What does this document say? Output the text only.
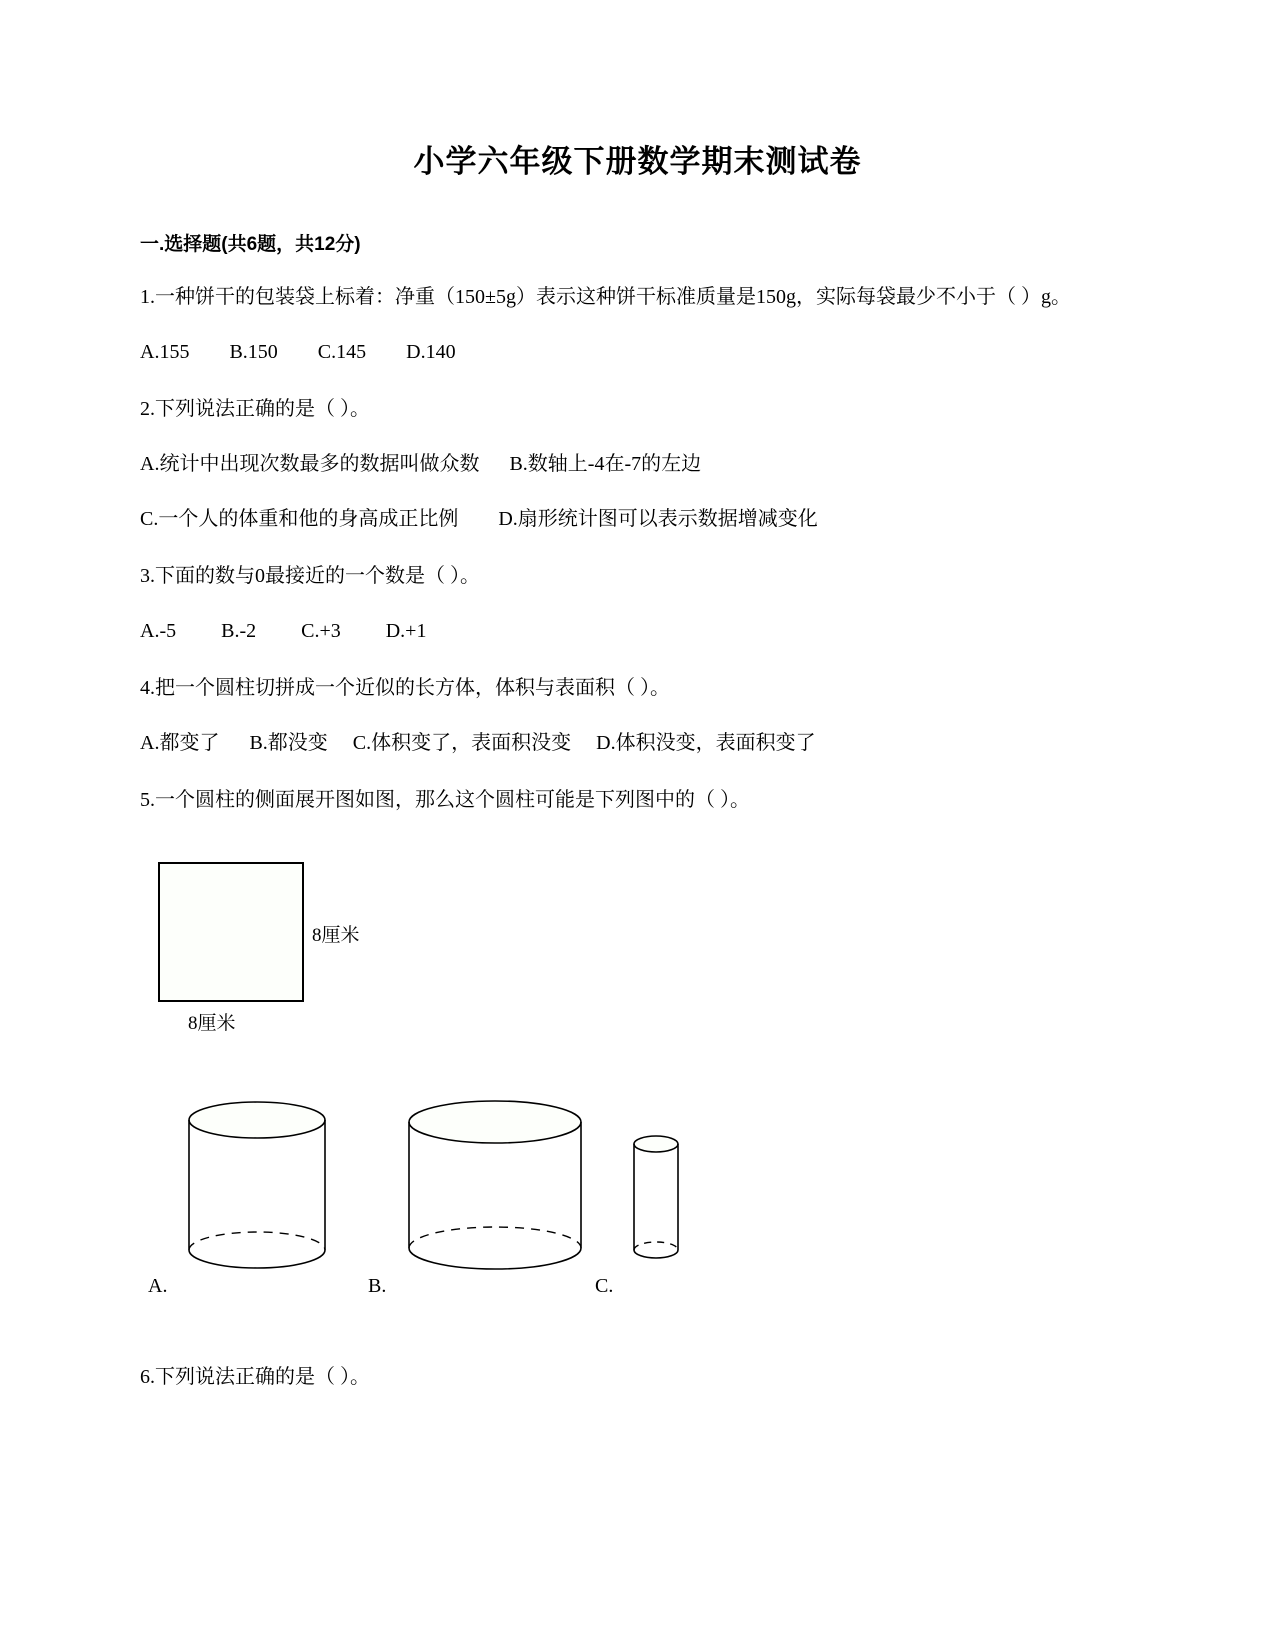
小学六年级下册数学期末测试卷
一.选择题(共6题，共12分)

1.一种饼干的包装袋上标着：净重（150±5g）表示这种饼干标准质量是150g，实际每袋最少不小于（ ）g。

A.155        B.150        C.145        D.140

2.下列说法正确的是（ ）。

A.统计中出现次数最多的数据叫做众数      B.数轴上-4在-7的左边

C.一个人的体重和他的身高成正比例        D.扇形统计图可以表示数据增减变化

3.下面的数与0最接近的一个数是（ ）。

A.-5         B.-2         C.+3         D.+1

4.把一个圆柱切拼成一个近似的长方体，体积与表面积（ ）。

A.都变了      B.都没变     C.体积变了，表面积没变     D.体积没变，表面积变了

5.一个圆柱的侧面展开图如图，那么这个圆柱可能是下列图中的（ ）。

8厘米
8厘米
A.	B.	C.

6.下列说法正确的是（ ）。
